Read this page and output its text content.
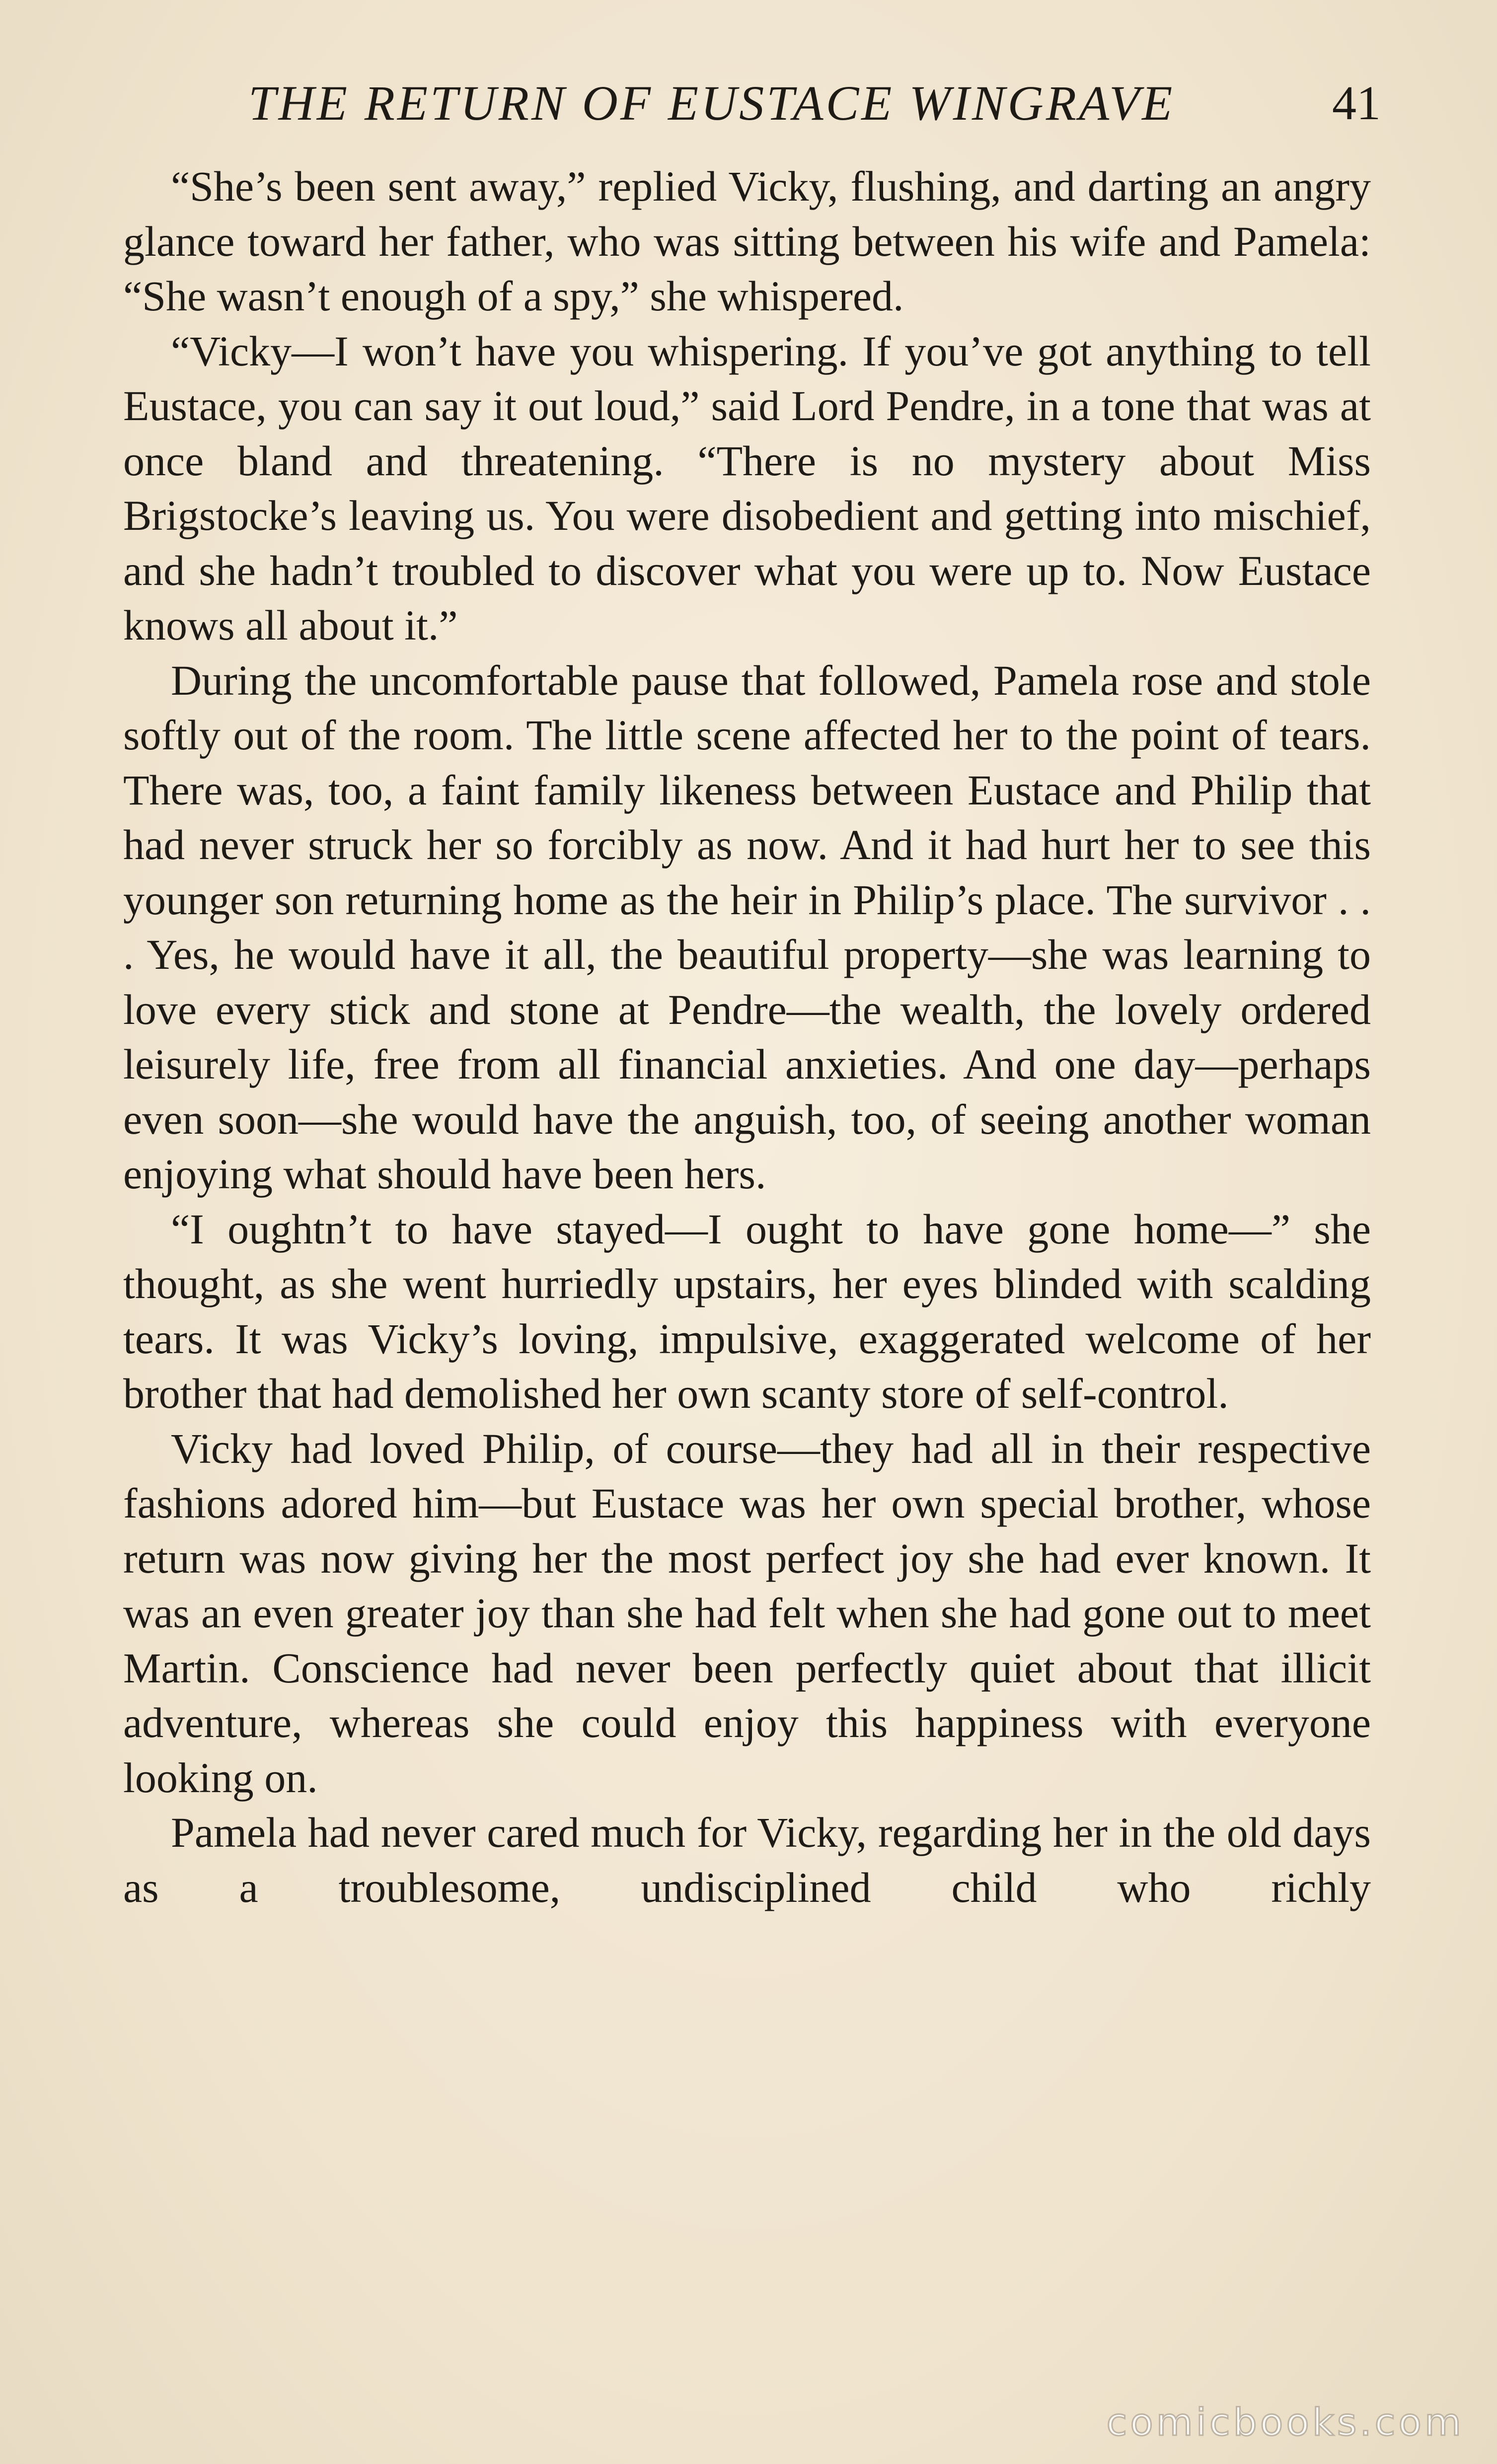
THE RETURN OF EUSTACE WINGRAVE	41

“She’s been sent away,” replied Vicky, flushing, and darting an angry glance toward her father, who was sitting between his wife and Pamela: “She wasn’t enough of a spy,” she whispered.

“Vicky—I won’t have you whispering. If you’ve got anything to tell Eustace, you can say it out loud,” said Lord Pendre, in a tone that was at once bland and threatening. “There is no mystery about Miss Brigstocke’s leaving us. You were disobedient and getting into mischief, and she hadn’t troubled to discover what you were up to. Now Eustace knows all about it.”

During the uncomfortable pause that followed, Pamela rose and stole softly out of the room. The little scene affected her to the point of tears. There was, too, a faint family likeness between Eustace and Philip that had never struck her so forcibly as now. And it had hurt her to see this younger son returning home as the heir in Philip’s place. The survivor . . . Yes, he would have it all, the beautiful property—she was learning to love every stick and stone at Pendre—the wealth, the lovely ordered leisurely life, free from all financial anxieties. And one day—perhaps even soon—she would have the anguish, too, of seeing another woman enjoying what should have been hers.

“I oughtn’t to have stayed—I ought to have gone home—” she thought, as she went hurriedly upstairs, her eyes blinded with scalding tears. It was Vicky’s loving, impulsive, exaggerated welcome of her brother that had demolished her own scanty store of self-control.

Vicky had loved Philip, of course—they had all in their respective fashions adored him—but Eustace was her own special brother, whose return was now giving her the most perfect joy she had ever known. It was an even greater joy than she had felt when she had gone out to meet Martin. Conscience had never been perfectly quiet about that illicit adventure, whereas she could enjoy this happiness with everyone looking on.

Pamela had never cared much for Vicky, regarding her in the old days as a troublesome, undisciplined child who richly

comicbooks.com
